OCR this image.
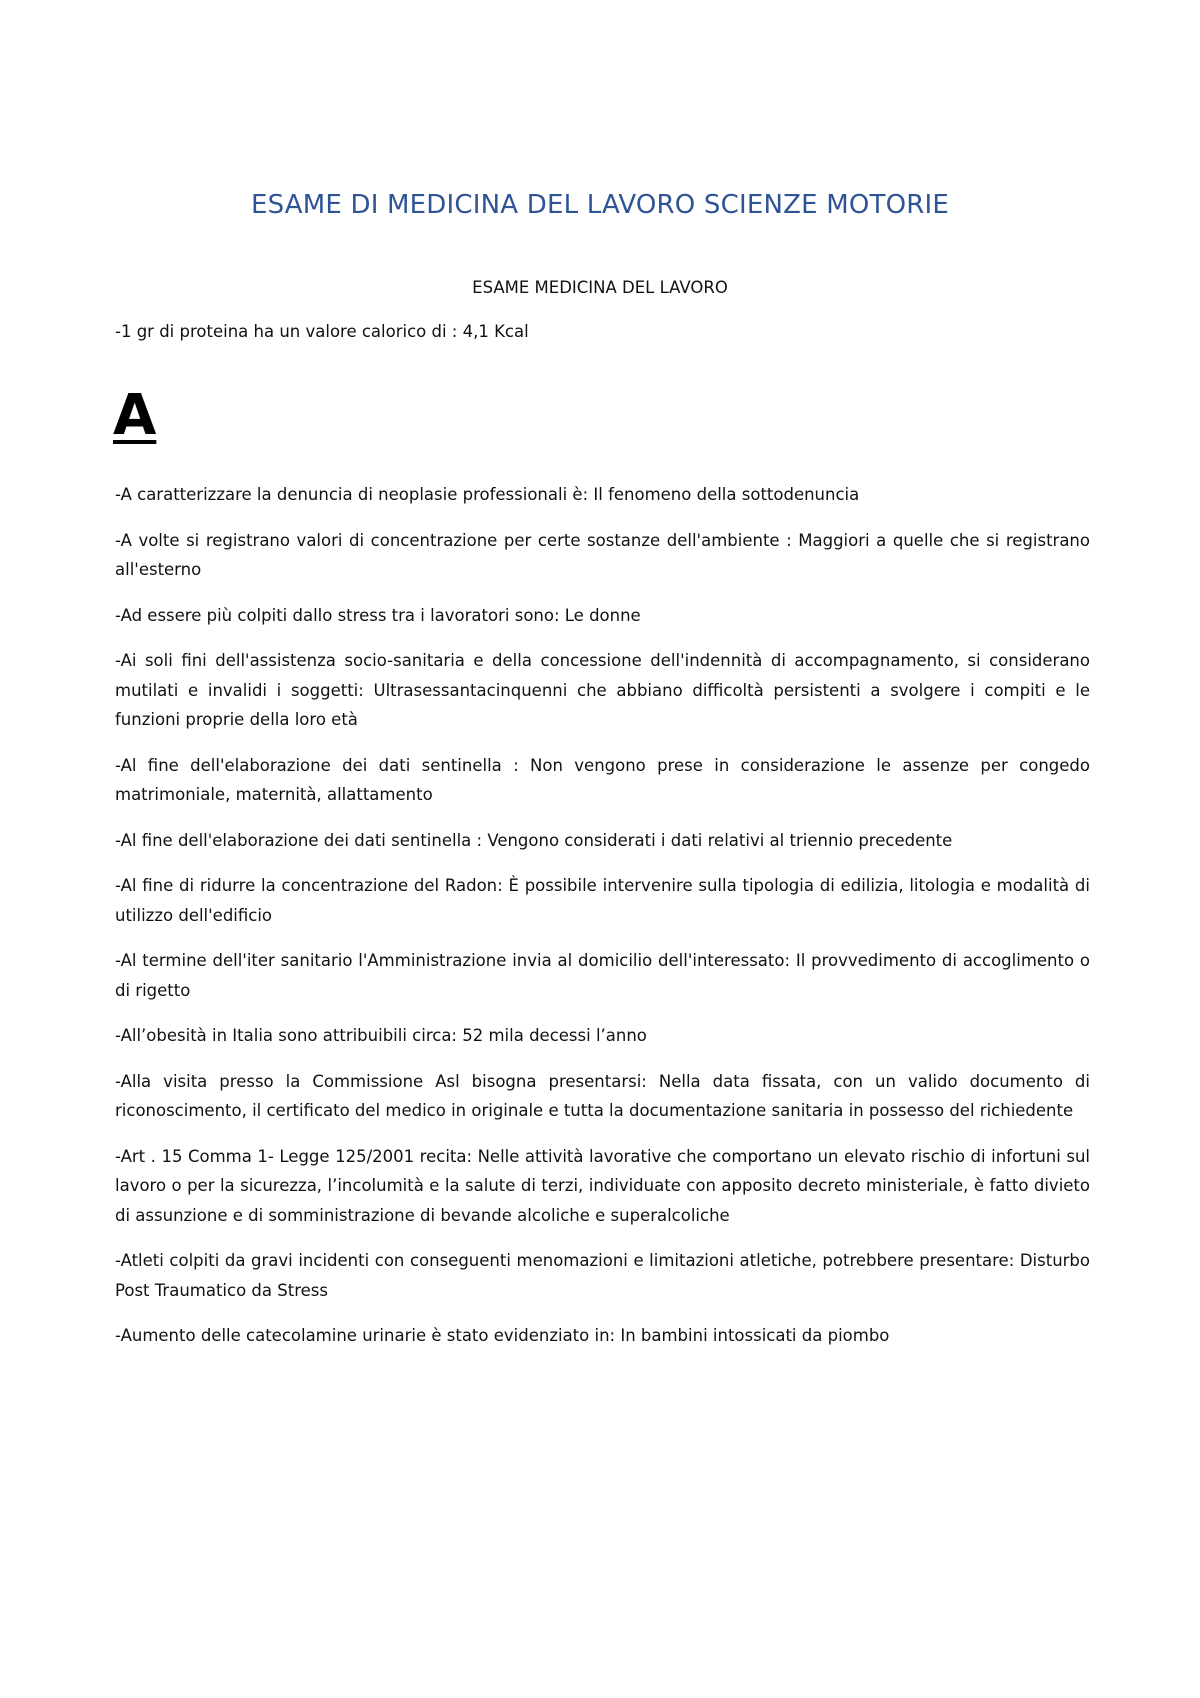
ESAME DI MEDICINA DEL LAVORO SCIENZE MOTORIE

ESAME MEDICINA DEL LAVORO

-1 gr di proteina ha un valore calorico di : 4,1 Kcal

A
-A caratterizzare la denuncia di neoplasie professionali è: Il fenomeno della sottodenuncia
-A volte si registrano valori di concentrazione per certe sostanze dell'ambiente : Maggiori a quelle che si registrano all'esterno
-Ad essere più colpiti dallo stress tra i lavoratori sono: Le donne
-Ai soli fini dell'assistenza socio-sanitaria e della concessione dell'indennità di accompagnamento, si considerano mutilati e invalidi i soggetti: Ultrasessantacinquenni che abbiano difficoltà persistenti a svolgere i compiti e le funzioni proprie della loro età
-Al fine dell'elaborazione dei dati sentinella : Non vengono prese in considerazione le assenze per congedo matrimoniale, maternità, allattamento
-Al fine dell'elaborazione dei dati sentinella : Vengono considerati i dati relativi al triennio precedente
-Al fine di ridurre la concentrazione del Radon: È possibile intervenire sulla tipologia di edilizia, litologia e modalità di utilizzo dell'edificio
-Al termine dell'iter sanitario l'Amministrazione invia al domicilio dell'interessato: Il provvedimento di accoglimento o di rigetto
-All’obesità in Italia sono attribuibili circa: 52 mila decessi l’anno
-Alla visita presso la Commissione Asl bisogna presentarsi: Nella data fissata, con un valido documento di riconoscimento, il certificato del medico in originale e tutta la documentazione sanitaria in possesso del richiedente
-Art . 15 Comma 1- Legge 125/2001 recita: Nelle attività lavorative che comportano un elevato rischio di infortuni sul lavoro o per la sicurezza, l’incolumità e la salute di terzi, individuate con apposito decreto ministeriale, è fatto divieto di assunzione e di somministrazione di bevande alcoliche e superalcoliche
-Atleti colpiti da gravi incidenti con conseguenti menomazioni e limitazioni atletiche, potrebbere presentare: Disturbo Post Traumatico da Stress
-Aumento delle catecolamine urinarie è stato evidenziato in: In bambini intossicati da piombo
